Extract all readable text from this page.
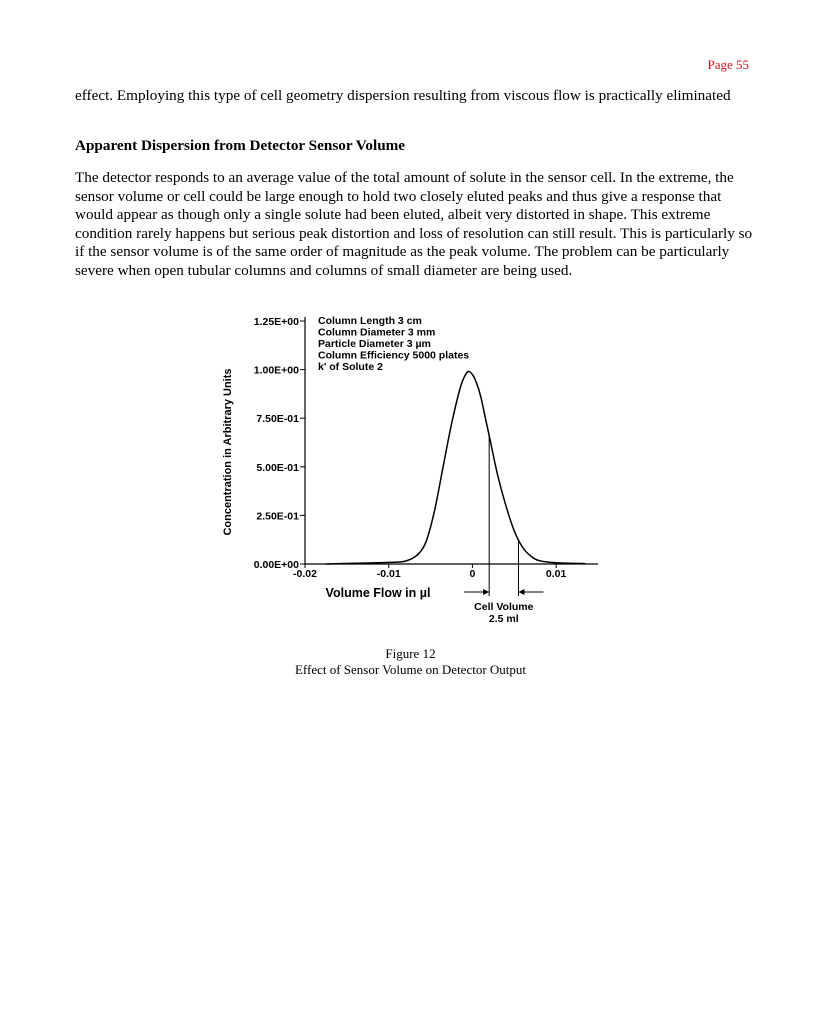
Page 55
effect. Employing this type of cell geometry dispersion resulting from viscous flow is practically eliminated
Apparent Dispersion from Detector Sensor Volume
The detector responds to an average value of the total amount of solute in the sensor cell. In the extreme, the sensor volume or cell could be large enough to hold two closely eluted peaks and thus give a response that would appear as though only a single solute had been eluted, albeit very distorted in shape. This extreme condition rarely happens but serious peak distortion and loss of resolution can still result. This is particularly so if the sensor volume is of the same order of magnitude as the peak volume. The problem can be particularly severe when open tubular columns and columns of small diameter are being used.
0.00E+00
2.50E-01
5.00E-01
7.50E-01
1.00E+00
1.25E+00
-0.02	-0.01	0	0.01
Column Length 3 cm
Column Diameter 3 mm
Particle Diameter 3 µm
Column Efficiency 5000 plates
k' of Solute 2
Cell Volume
2.5 ml
Concentration in Arbitrary Units
Volume Flow in µl
Figure 12
Effect of Sensor Volume on Detector Output
